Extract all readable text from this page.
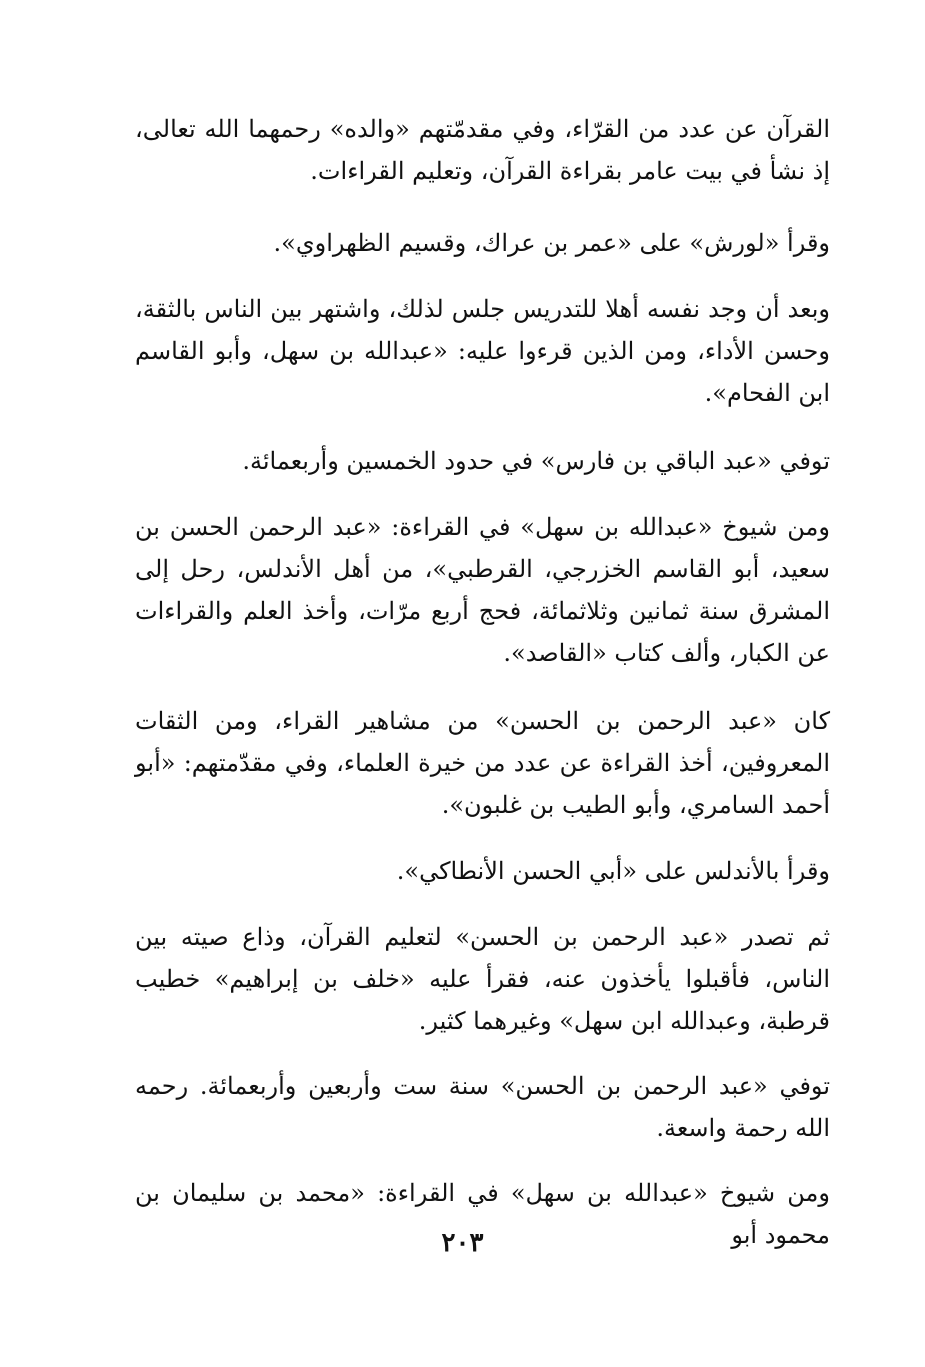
القرآن عن عدد من القرّاء، وفي مقدمّتهم «والده» رحمهما الله تعالى، إذ نشأ في بيت عامر بقراءة القرآن، وتعليم القراءات.

وقرأ «لورش» على «عمر بن عراك، وقسيم الظهراوي».

وبعد أن وجد نفسه أهلا للتدريس جلس لذلك، واشتهر بين الناس بالثقة، وحسن الأداء، ومن الذين قرءوا عليه: «عبدالله بن سهل، وأبو القاسم ابن الفحام».

توفي «عبد الباقي بن فارس» في حدود الخمسين وأربعمائة.

ومن شيوخ «عبدالله بن سهل» في القراءة: «عبد الرحمن الحسن بن سعيد، أبو القاسم الخزرجي، القرطبي»، من أهل الأندلس، رحل إلى المشرق سنة ثمانين وثلاثمائة، فحج أربع مرّات، وأخذ العلم والقراءات عن الكبار، وألف كتاب «القاصد».

كان «عبد الرحمن بن الحسن» من مشاهير القراء، ومن الثقات المعروفين، أخذ القراءة عن عدد من خيرة العلماء، وفي مقدّمتهم: «أبو أحمد السامري، وأبو الطيب بن غلبون».

وقرأ بالأندلس على «أبي الحسن الأنطاكي».

ثم تصدر «عبد الرحمن بن الحسن» لتعليم القرآن، وذاع صيته بين الناس، فأقبلوا يأخذون عنه، فقرأ عليه «خلف بن إبراهيم» خطيب قرطبة، وعبدالله ابن سهل» وغيرهما كثير.

توفي «عبد الرحمن بن الحسن» سنة ست وأربعين وأربعمائة. رحمه الله رحمة واسعة.

ومن شيوخ «عبدالله بن سهل» في القراءة: «محمد بن سليمان بن محمود أبو

٢٠٣
